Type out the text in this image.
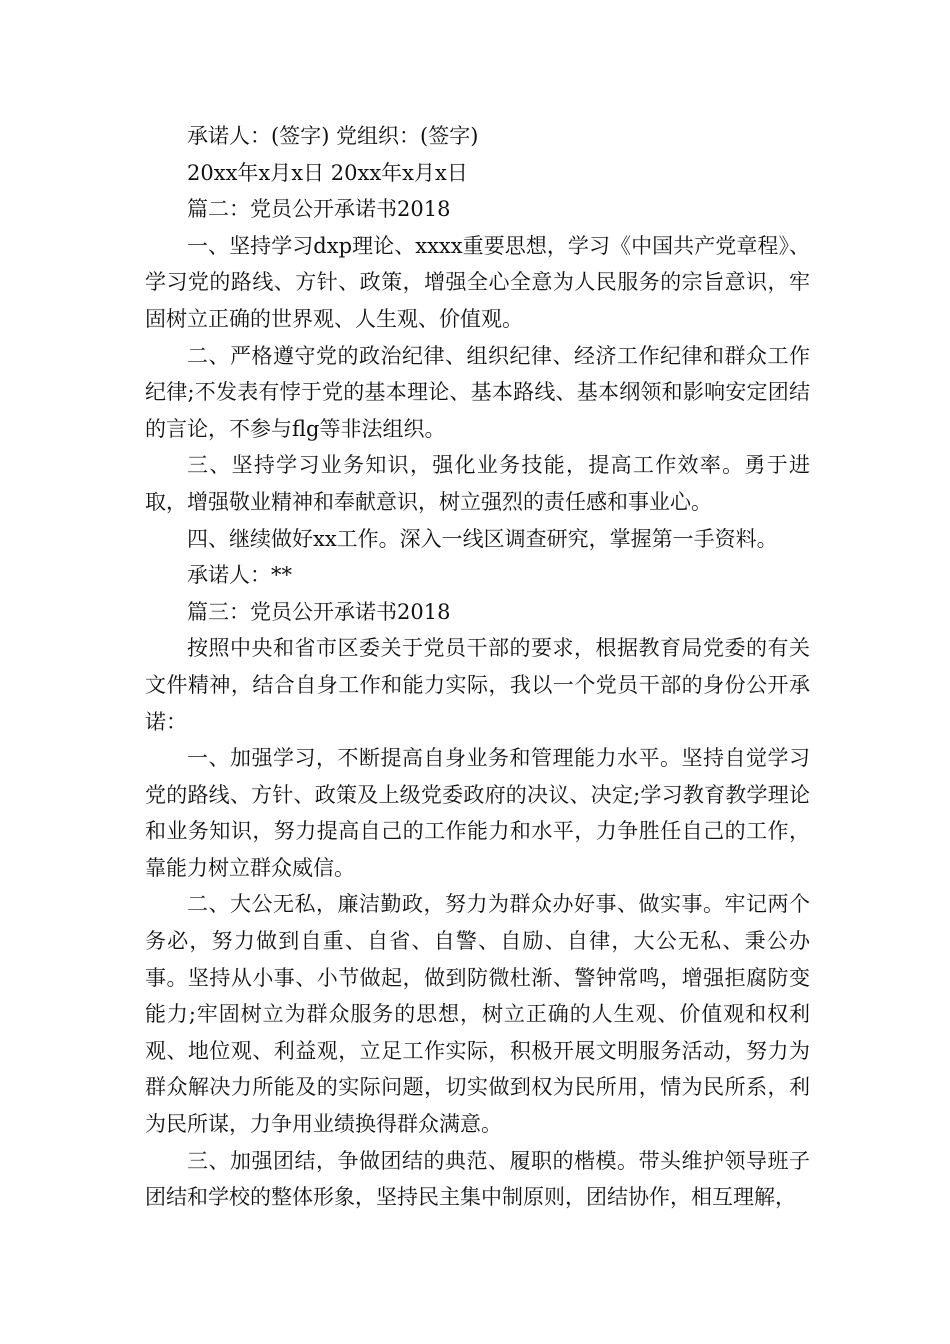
承诺人：(签字) 党组织：(签字)

20xx年x月x日 20xx年x月x日

篇二：党员公开承诺书2018

一、坚持学习dxp理论、xxxx重要思想，学习《中国共产党章程》、学习党的路线、方针、政策，增强全心全意为人民服务的宗旨意识，牢固树立正确的世界观、人生观、价值观。

二、严格遵守党的政治纪律、组织纪律、经济工作纪律和群众工作纪律;不发表有悖于党的基本理论、基本路线、基本纲领和影响安定团结的言论，不参与flg等非法组织。

三、坚持学习业务知识，强化业务技能，提高工作效率。勇于进取，增强敬业精神和奉献意识，树立强烈的责任感和事业心。

四、继续做好xx工作。深入一线区调查研究，掌握第一手资料。

承诺人：**

篇三：党员公开承诺书2018

按照中央和省市区委关于党员干部的要求，根据教育局党委的有关文件精神，结合自身工作和能力实际，我以一个党员干部的身份公开承诺：

一、加强学习，不断提高自身业务和管理能力水平。坚持自觉学习党的路线、方针、政策及上级党委政府的决议、决定;学习教育教学理论和业务知识，努力提高自己的工作能力和水平，力争胜任自己的工作，靠能力树立群众威信。

二、大公无私，廉洁勤政，努力为群众办好事、做实事。牢记两个务必，努力做到自重、自省、自警、自励、自律，大公无私、秉公办事。坚持从小事、小节做起，做到防微杜渐、警钟常鸣，增强拒腐防变能力;牢固树立为群众服务的思想，树立正确的人生观、价值观和权利观、地位观、利益观，立足工作实际，积极开展文明服务活动，努力为群众解决力所能及的实际问题，切实做到权为民所用，情为民所系，利为民所谋，力争用业绩换得群众满意。

三、加强团结，争做团结的典范、履职的楷模。带头维护领导班子团结和学校的整体形象，坚持民主集中制原则，团结协作，相互理解，
